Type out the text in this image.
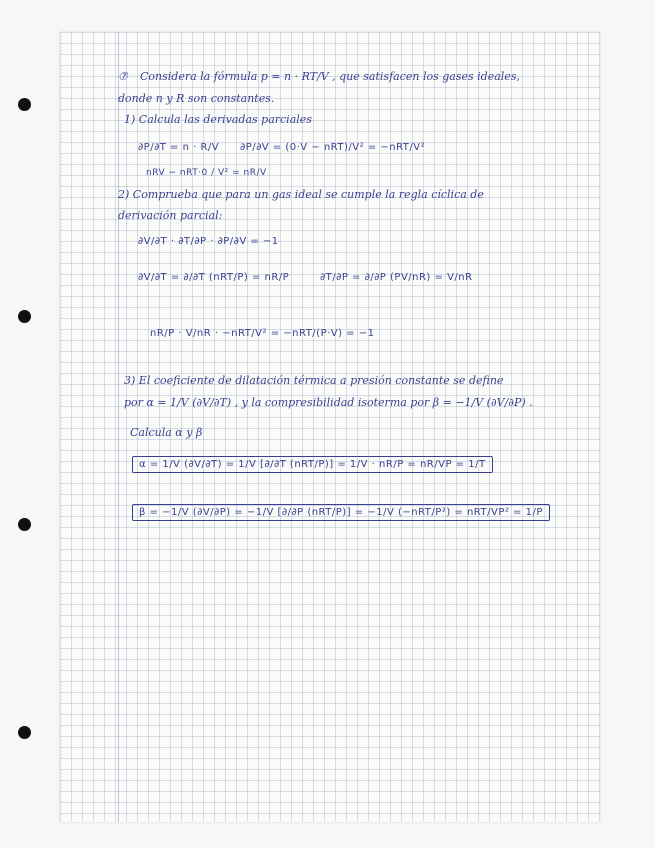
⑦ Considera la fórmula p = n · RT/V , que satisfacen los gases ideales,
donde n y R son constantes.
1) Calcula las derivadas parciales
∂P/∂T = n · R/V ∂P/∂V = (0·V − nRT)/V² = −nRT/V²
nRV − nRT·0 / V² = nR/V
2) Comprueba que para un gas ideal se cumple la regla cíclica de
derivación parcial:
∂V/∂T · ∂T/∂P · ∂P/∂V = −1
∂V/∂T = ∂/∂T (nRT/P) = nR/P	∂T/∂P = ∂/∂P (PV/nR) = V/nR
nR/P · V/nR · −nRT/V² = −nRT/(P·V) = −1
3) El coeficiente de dilatación térmica a presión constante se define
por α = 1/V (∂V/∂T) , y la compresibilidad isoterma por β = −1/V (∂V/∂P) .
Calcula α y β
α = 1/V (∂V/∂T) = 1/V [∂/∂T (nRT/P)] = 1/V · nR/P = nR/VP = 1/T
β = −1/V (∂V/∂P) = −1/V [∂/∂P (nRT/P)] = −1/V (−nRT/P²) = nRT/VP² = 1/P
